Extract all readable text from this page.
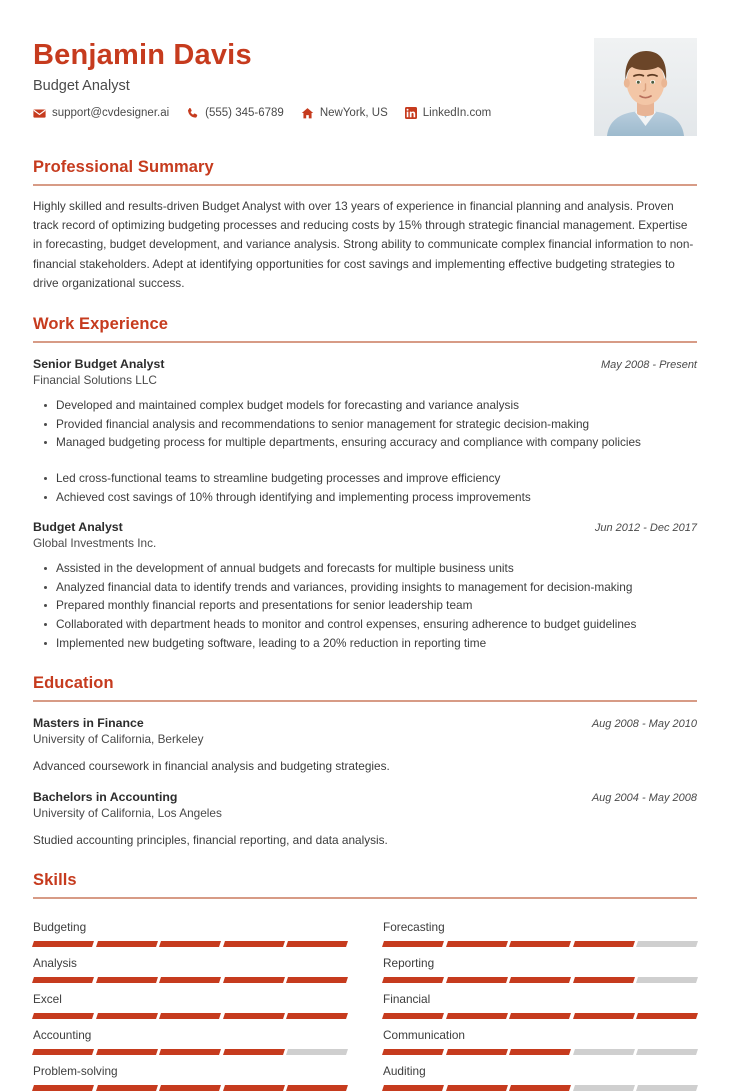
Benjamin Davis
Budget Analyst
support@cvdesigner.ai	(555) 345-6789	NewYork, US	LinkedIn.com
Professional Summary
Highly skilled and results-driven Budget Analyst with over 13 years of experience in financial planning and analysis. Proven track record of optimizing budgeting processes and reducing costs by 15% through strategic financial management. Expertise in forecasting, budget development, and variance analysis. Strong ability to communicate complex financial information to non-financial stakeholders. Adept at identifying opportunities for cost savings and implementing effective budgeting strategies to drive organizational success.
Work Experience
Senior Budget Analyst	May 2008 - Present
Financial Solutions LLC
Developed and maintained complex budget models for forecasting and variance analysis
Provided financial analysis and recommendations to senior management for strategic decision-making
Managed budgeting process for multiple departments, ensuring accuracy and compliance with company policies
Led cross-functional teams to streamline budgeting processes and improve efficiency
Achieved cost savings of 10% through identifying and implementing process improvements
Budget Analyst	Jun 2012 - Dec 2017
Global Investments Inc.
Assisted in the development of annual budgets and forecasts for multiple business units
Analyzed financial data to identify trends and variances, providing insights to management for decision-making
Prepared monthly financial reports and presentations for senior leadership team
Collaborated with department heads to monitor and control expenses, ensuring adherence to budget guidelines
Implemented new budgeting software, leading to a 20% reduction in reporting time
Education
Masters in Finance	Aug 2008 - May 2010
University of California, Berkeley
Advanced coursework in financial analysis and budgeting strategies.
Bachelors in Accounting	Aug 2004 - May 2008
University of California, Los Angeles
Studied accounting principles, financial reporting, and data analysis.
Skills
Budgeting	Forecasting
Analysis	Reporting
Excel	Financial
Accounting	Communication
Problem-solving	Auditing
